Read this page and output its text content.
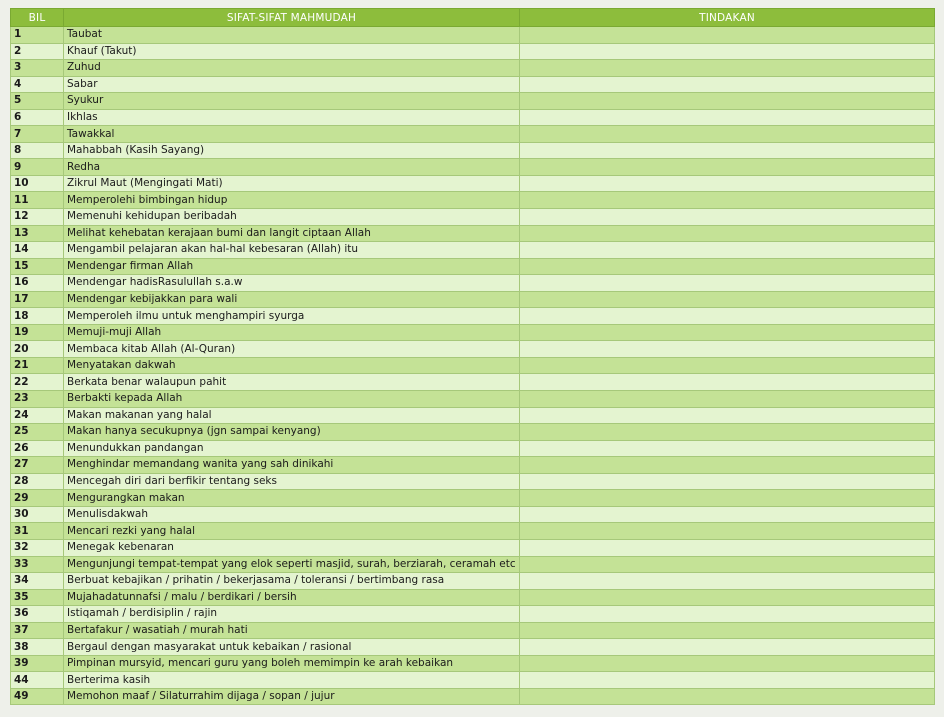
BIL	SIFAT-SIFAT MAHMUDAH	TINDAKAN
1	Taubat	
2	Khauf (Takut)	
3	Zuhud	
4	Sabar	
5	Syukur	
6	Ikhlas	
7	Tawakkal	
8	Mahabbah (Kasih Sayang)	
9	Redha	
10	Zikrul Maut (Mengingati Mati)	
11	Memperolehi bimbingan hidup	
12	Memenuhi kehidupan beribadah	
13	Melihat kehebatan kerajaan bumi dan langit ciptaan Allah	
14	Mengambil pelajaran akan hal-hal kebesaran (Allah) itu	
15	Mendengar firman Allah	
16	Mendengar hadisRasulullah s.a.w	
17	Mendengar kebijakkan para wali	
18	Memperoleh ilmu untuk menghampiri syurga	
19	Memuji-muji Allah	
20	Membaca kitab Allah (Al-Quran)	
21	Menyatakan dakwah	
22	Berkata benar walaupun pahit	
23	Berbakti kepada Allah	
24	Makan makanan yang halal	
25	Makan hanya secukupnya (jgn sampai kenyang)	
26	Menundukkan pandangan	
27	Menghindar memandang wanita yang sah dinikahi	
28	Mencegah diri dari berfikir tentang seks	
29	Mengurangkan makan	
30	Menulisdakwah	
31	Mencari rezki yang halal	
32	Menegak kebenaran	
33	Mengunjungi tempat-tempat yang elok seperti masjid, surah, berziarah, ceramah etc	
34	Berbuat kebajikan / prihatin / bekerjasama / toleransi / bertimbang rasa	
35	Mujahadatunnafsi / malu / berdikari / bersih	
36	Istiqamah / berdisiplin / rajin	
37	Bertafakur / wasatiah / murah hati	
38	Bergaul dengan masyarakat untuk kebaikan / rasional	
39	Pimpinan mursyid, mencari guru yang boleh memimpin ke arah kebaikan	
44	Berterima kasih	
49	Memohon maaf / Silaturrahim dijaga / sopan / jujur	
